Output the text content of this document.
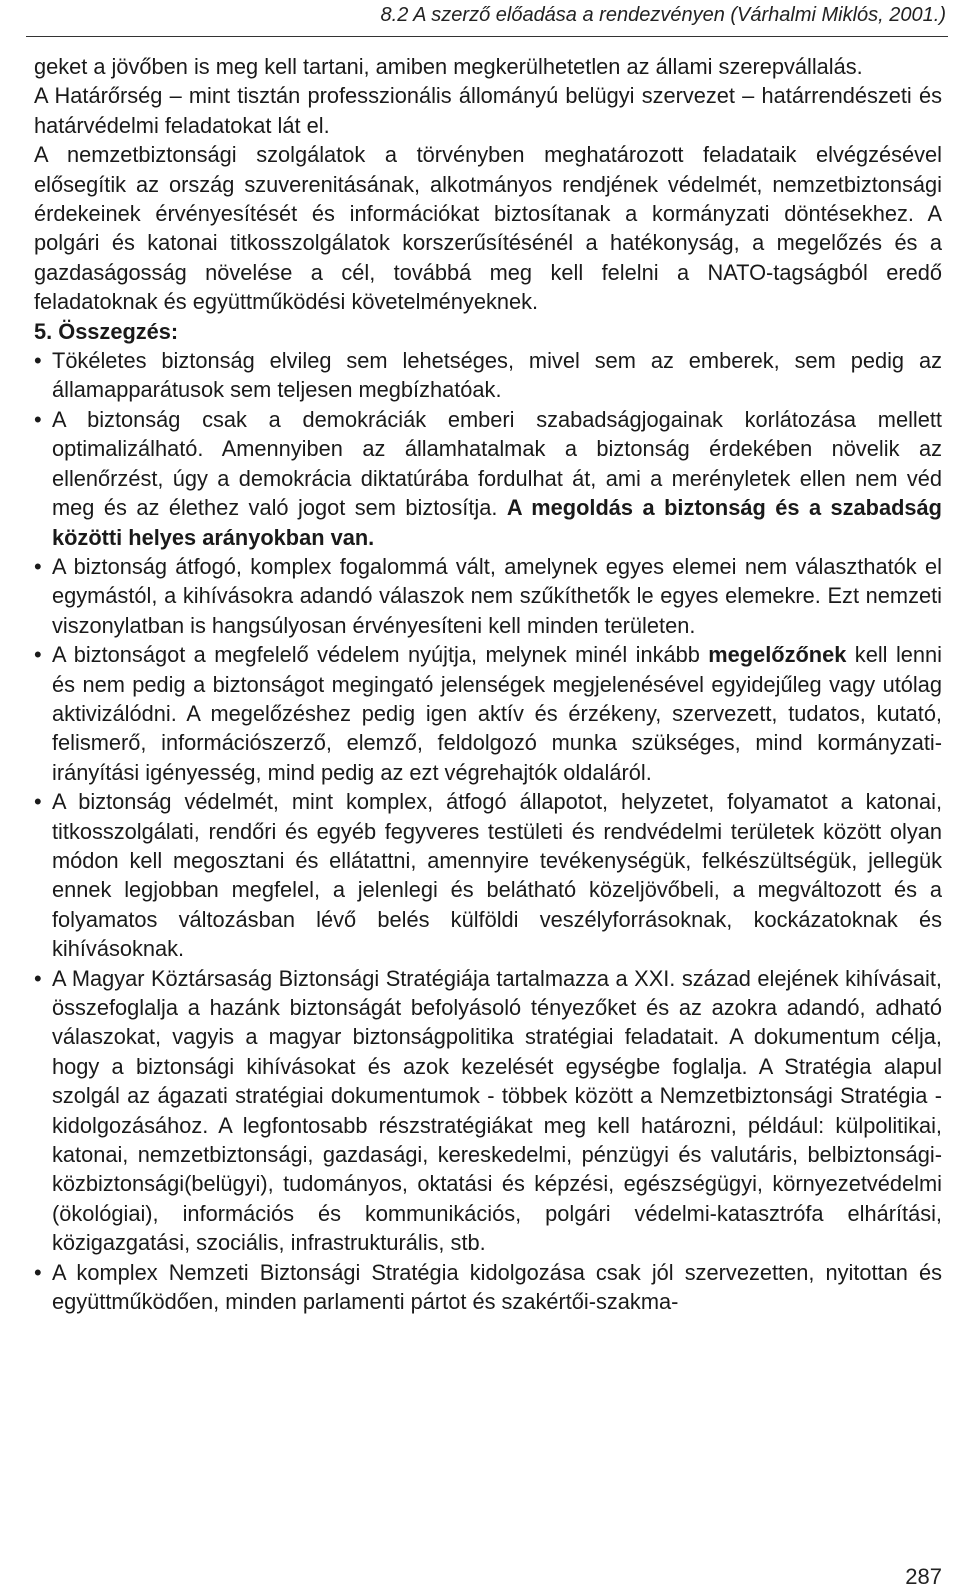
8.2 A szerző előadása a rendezvényen (Várhalmi Miklós, 2001.)

geket a jövőben is meg kell tartani, amiben megkerülhetetlen az állami szerepvállalás.

A Határőrség – mint tisztán professzionális állományú belügyi szervezet – határrendészeti és határvédelmi feladatokat lát el.

A nemzetbiztonsági szolgálatok a törvényben meghatározott feladataik elvégzésével elősegítik az ország szuverenitásának, alkotmányos rendjének védelmét, nemzetbiztonsági érdekeinek érvényesítését és információkat biztosítanak a kormányzati döntésekhez. A polgári és katonai titkosszolgálatok korszerűsítésénél a hatékonyság, a megelőzés és a gazdaságosság növelése a cél, továbbá meg kell felelni a NATO-tagságból eredő feladatoknak és együttműködési követelményeknek.

5. Összegzés:

• Tökéletes biztonság elvileg sem lehetséges, mivel sem az emberek, sem pedig az államapparátusok sem teljesen megbízhatóak.
• A biztonság csak a demokráciák emberi szabadságjogainak korlátozása mellett optimalizálható. Amennyiben az államhatalmak a biztonság érdekében növelik az ellenőrzést, úgy a demokrácia diktatúrába fordulhat át, ami a merényletek ellen nem véd meg és az élethez való jogot sem biztosítja. A megoldás a biztonság és a szabadság közötti helyes arányokban van.
• A biztonság átfogó, komplex fogalommá vált, amelynek egyes elemei nem választhatók el egymástól, a kihívásokra adandó válaszok nem szűkíthetők le egyes elemekre. Ezt nemzeti viszonylatban is hangsúlyosan érvényesíteni kell minden területen.
• A biztonságot a megfelelő védelem nyújtja, melynek minél inkább megelőzőnek kell lenni és nem pedig a biztonságot megingató jelenségek megjelenésével egyidejűleg vagy utólag aktivizálódni. A megelőzéshez pedig igen aktív és érzékeny, szervezett, tudatos, kutató, felismerő, információszerző, elemző, feldolgozó munka szükséges, mind kormányzati-irányítási igényesség, mind pedig az ezt végrehajtók oldaláról.
• A biztonság védelmét, mint komplex, átfogó állapotot, helyzetet, folyamatot a katonai, titkosszolgálati, rendőri és egyéb fegyveres testületi és rendvédelmi területek között olyan módon kell megosztani és ellátattni, amennyire tevékenységük, felkészültségük, jellegük ennek legjobban megfelel, a jelenlegi és belátható közeljövőbeli, a megváltozott és a folyamatos változásban lévő belés külföldi veszélyforrásoknak, kockázatoknak és kihívásoknak.
• A Magyar Köztársaság Biztonsági Stratégiája tartalmazza a XXI. század elejének kihívásait, összefoglalja a hazánk biztonságát befolyásoló tényezőket és az azokra adandó, adható válaszokat, vagyis a magyar biztonságpolitika stratégiai feladatait. A dokumentum célja, hogy a biztonsági kihívásokat és azok kezelését egységbe foglalja. A Stratégia alapul szolgál az ágazati stratégiai dokumentumok - többek között a Nemzetbiztonsági Stratégia - kidolgozásához. A legfontosabb részstratégiákat meg kell határozni, például: külpolitikai, katonai, nemzetbiztonsági, gazdasági, kereskedelmi, pénzügyi és valutáris, belbiztonsági-közbiztonsági(belügyi), tudományos, oktatási és képzési, egészségügyi, környezetvédelmi (ökológiai), információs és kommunikációs, polgári védelmi-katasztrófa elhárítási, közigazgatási, szociális, infrastrukturális, stb.
• A komplex Nemzeti Biztonsági Stratégia kidolgozása csak jól szervezetten, nyitottan és együttműködően, minden parlamenti pártot és szakértői-szakma-
287
